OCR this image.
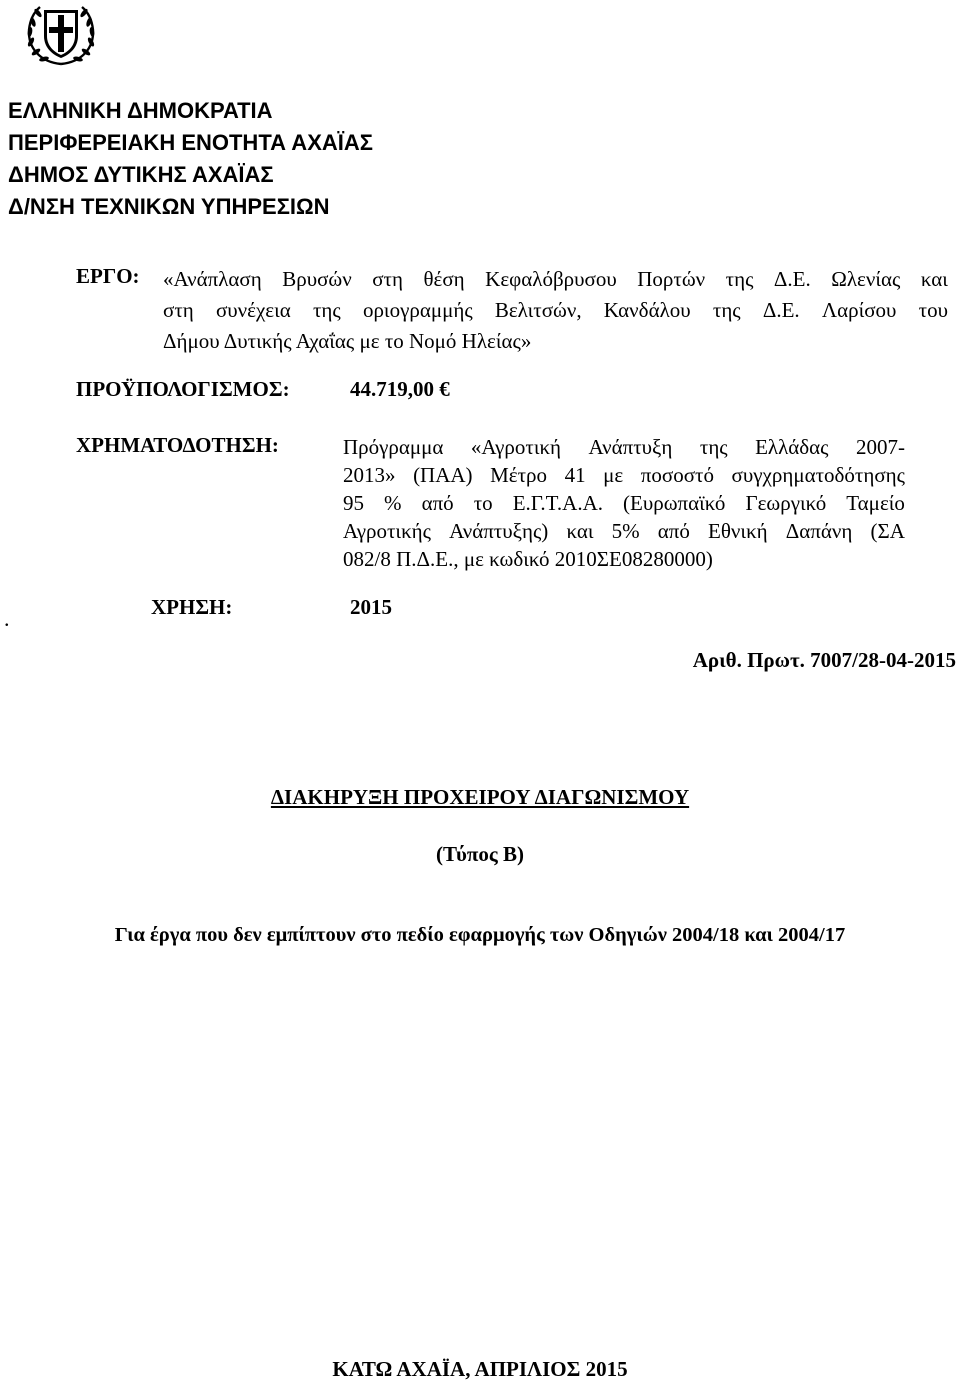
ΕΛΛΗΝΙΚΗ ΔΗΜΟΚΡΑΤΙΑ
ΠΕΡΙΦΕΡΕΙΑΚΗ ΕΝΟΤΗΤΑ ΑΧΑΪΑΣ
ΔΗΜΟΣ ΔΥΤΙΚΗΣ ΑΧΑΪΑΣ
Δ/ΝΣΗ ΤΕΧΝΙΚΩΝ ΥΠΗΡΕΣΙΩΝ
ΕΡΓΟ: «Ανάπλαση Βρυσών στη θέση Κεφαλόβρυσου Πορτών της Δ.Ε. Ωλενίας και
στη συνέχεια της οριογραμμής Βελιτσών, Κανδάλου της Δ.Ε. Λαρίσου του
Δήμου Δυτικής Αχαΐας με το Νομό Ηλείας»
ΠΡΟΫΠΟΛΟΓΙΣΜΟΣ:	44.719,00 €
ΧΡΗΜΑΤΟΔΟΤΗΣΗ:	Πρόγραμμα «Αγροτική Ανάπτυξη της Ελλάδας 2007-
2013» (ΠΑΑ) Μέτρο 41 με ποσοστό συγχρηματοδότησης
95 % από το Ε.Γ.Τ.Α.Α. (Ευρωπαϊκό Γεωργικό Ταμείο
Αγροτικής Ανάπτυξης) και 5% από Εθνική Δαπάνη (ΣΑ
082/8 Π.Δ.Ε., με κωδικό 2010ΣΕ08280000)
.	ΧΡΗΣΗ:	2015
Αριθ. Πρωτ. 7007/28-04-2015
ΔΙΑΚΗΡΥΞΗ ΠΡΟΧΕΙΡΟΥ ΔΙΑΓΩΝΙΣΜΟΥ
(Τύπος Β)
Για έργα που δεν εμπίπτουν στο πεδίο εφαρμογής των Οδηγιών 2004/18 και 2004/17
ΚΑΤΩ ΑΧΑΪΑ, ΑΠΡΙΛΙΟΣ 2015
